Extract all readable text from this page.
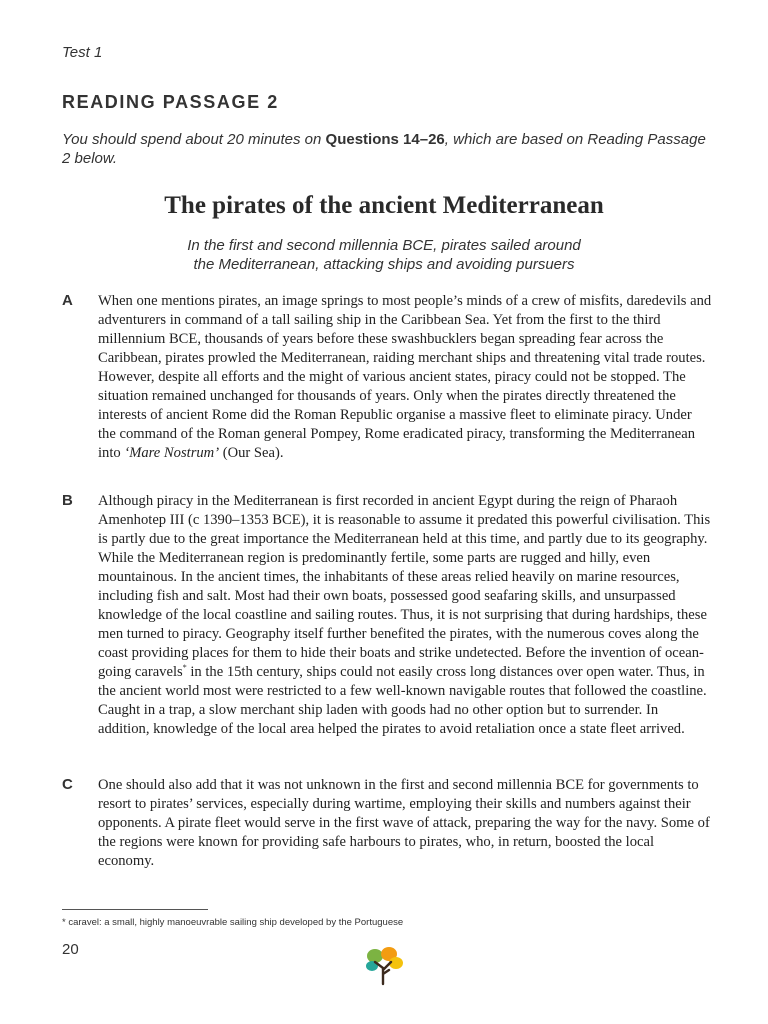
Test 1
READING PASSAGE 2
You should spend about 20 minutes on Questions 14–26, which are based on Reading Passage 2 below.
The pirates of the ancient Mediterranean
In the first and second millennia BCE, pirates sailed around
the Mediterranean, attacking ships and avoiding pursuers
A When one mentions pirates, an image springs to most people’s minds of a crew of misfits, daredevils and adventurers in command of a tall sailing ship in the Caribbean Sea. Yet from the first to the third millennium BCE, thousands of years before these swashbucklers began spreading fear across the Caribbean, pirates prowled the Mediterranean, raiding merchant ships and threatening vital trade routes. However, despite all efforts and the might of various ancient states, piracy could not be stopped. The situation remained unchanged for thousands of years. Only when the pirates directly threatened the interests of ancient Rome did the Roman Republic organise a massive fleet to eliminate piracy. Under the command of the Roman general Pompey, Rome eradicated piracy, transforming the Mediterranean into ‘Mare Nostrum’ (Our Sea).
B Although piracy in the Mediterranean is first recorded in ancient Egypt during the reign of Pharaoh Amenhotep III (c 1390–1353 BCE), it is reasonable to assume it predated this powerful civilisation. This is partly due to the great importance the Mediterranean held at this time, and partly due to its geography. While the Mediterranean region is predominantly fertile, some parts are rugged and hilly, even mountainous. In the ancient times, the inhabitants of these areas relied heavily on marine resources, including fish and salt. Most had their own boats, possessed good seafaring skills, and unsurpassed knowledge of the local coastline and sailing routes. Thus, it is not surprising that during hardships, these men turned to piracy. Geography itself further benefited the pirates, with the numerous coves along the coast providing places for them to hide their boats and strike undetected. Before the invention of ocean-going caravels* in the 15th century, ships could not easily cross long distances over open water. Thus, in the ancient world most were restricted to a few well-known navigable routes that followed the coastline. Caught in a trap, a slow merchant ship laden with goods had no other option but to surrender. In addition, knowledge of the local area helped the pirates to avoid retaliation once a state fleet arrived.
C One should also add that it was not unknown in the first and second millennia BCE for governments to resort to pirates’ services, especially during wartime, employing their skills and numbers against their opponents. A pirate fleet would serve in the first wave of attack, preparing the way for the navy. Some of the regions were known for providing safe harbours to pirates, who, in return, boosted the local economy.
* caravel: a small, highly manoeuvrable sailing ship developed by the Portuguese
20
